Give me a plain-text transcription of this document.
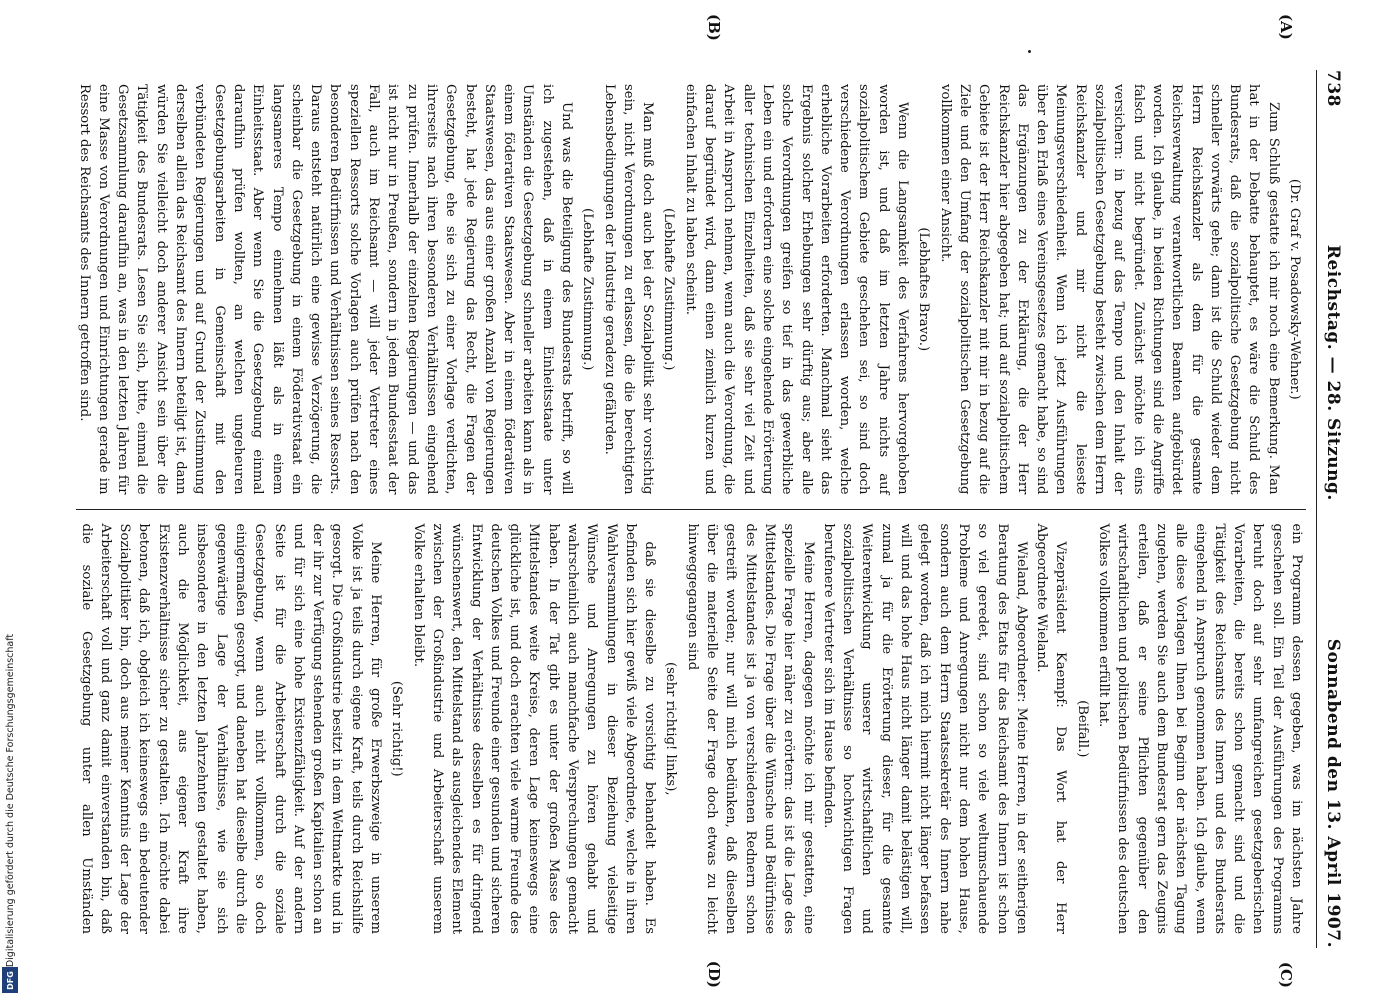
738
Reichstag. — 28. Sitzung.
Sonnabend den 13. April 1907.

(Dr. Graf v. Posadowsky-Wehner.)

Zum Schluß gestatte ich mir noch eine Bemerkung. Man hat in der Debatte behauptet, es wäre die Schuld des Bundesrats, daß die sozialpolitische Gesetzgebung nicht schneller vorwärts gehe; dann ist die Schuld wieder dem Herrn Reichskanzler als dem für die gesamte Reichsverwaltung verantwortlichen Beamten aufgebürdet worden. Ich glaube, in beiden Richtungen sind die Angriffe falsch und nicht begründet. Zunächst möchte ich eins versichern: in bezug auf das Tempo und den Inhalt der sozialpolitischen Gesetzgebung besteht zwischen dem Herrn Reichskanzler und mir nicht die leiseste Meinungsverschiedenheit. Wenn ich jetzt Ausführungen über den Erlaß eines Vereinsgesetzes gemacht habe, so sind das Ergänzungen zu der Erklärung, die der Herr Reichskanzler hier abgegeben hat; und auf sozialpolitischem Gebiete ist der Herr Reichskanzler mit mir in bezug auf die Ziele und den Umfang der sozialpolitischen Gesetzgebung vollkommen einer Ansicht.

(Lebhaftes Bravo.)

Wenn die Langsamkeit des Verfahrens hervorgehoben worden ist, und daß im letzten Jahre nichts auf sozialpolitischem Gebiete geschehen sei, so sind doch verschiedene Verordnungen erlassen worden, welche erhebliche Vorarbeiten erforderten. Manchmal sieht das Ergebnis solcher Erhebungen sehr dürftig aus; aber alle solche Verordnungen greifen so tief in das gewerbliche Leben ein und erfordern eine solche eingehende Erörterung aller technischen Einzelheiten, daß sie sehr viel Zeit und Arbeit in Anspruch nehmen, wenn auch die Verordnung, die darauf begründet wird, dann einen ziemlich kurzen und einfachen Inhalt zu haben scheint.

(Lebhafte Zustimmung.)

Man muß doch auch bei der Sozialpolitik sehr vorsichtig sein, nicht Verordnungen zu erlassen, die die berechtigten Lebensbedingungen der Industrie geradezu gefährden.

(Lebhafte Zustimmung.)

Und was die Beteiligung des Bundesrats betrifft, so will ich zugestehen, daß in einem Einheitsstaate unter Umständen die Gesetzgebung schneller arbeiten kann als in einem föderativen Staatswesen. Aber in einem föderativen Staatswesen, das aus einer großen Anzahl von Regierungen besteht, hat jede Regierung das Recht, die Fragen der Gesetzgebung, ehe sie sich zu einer Vorlage verdichten, ihrerseits nach ihren besonderen Verhältnissen eingehend zu prüfen. Innerhalb der einzelnen Regierungen — und das ist nicht nur in Preußen, sondern in jedem Bundesstaat der Fall, auch im Reichsamt — will jeder Vertreter eines speziellen Ressorts solche Vorlagen auch prüfen nach den besonderen Bedürfnissen und Verhältnissen seines Ressorts. Daraus entsteht natürlich eine gewisse Verzögerung, die scheinbar die Gesetzgebung in einem Föderativstaat ein langsameres Tempo einnehmen läßt als in einem Einheitsstaat. Aber wenn Sie die Gesetzgebung einmal daraufhin prüfen wollten, an welchen ungeheuren Gesetzgebungsarbeiten in Gemeinschaft mit den verbündeten Regierungen und auf Grund der Zustimmung derselben allein das Reichsamt des Innern beteiligt ist, dann würden Sie vielleicht doch anderer Ansicht sein über die Tätigkeit des Bundesrats. Lesen Sie sich, bitte, einmal die Gesetzsammlung daraufhin an, was in den letzten Jahren für eine Masse von Verordnungen und Einrichtungen gerade im Ressort des Reichsamts des Innern getroffen sind.

ein Programm dessen gegeben, was im nächsten Jahre geschehen soll. Ein Teil der Ausführungen des Programms beruht doch auf sehr umfangreichen gesetzgeberischen Vorarbeiten, die bereits schon gemacht sind und die Tätigkeit des Reichsamts des Innern und des Bundesrats eingehend in Anspruch genommen haben. Ich glaube, wenn alle diese Vorlagen Ihnen bei Beginn der nächsten Tagung zugehen, werden Sie auch dem Bundesrat gern das Zeugnis erteilen, daß er seine Pflichten gegenüber den wirtschaftlichen und politischen Bedürfnissen des deutschen Volkes vollkommen erfüllt hat.

(Beifall.)

Vizepräsident Kaempf: Das Wort hat der Herr Abgeordnete Wieland.

Wieland, Abgeordneter: Meine Herren, in der seitherigen Beratung des Etats für das Reichsamt des Innern ist schon so viel geredet, sind schon so viele weltumschauende Probleme und Anregungen nicht nur dem hohen Hause, sondern auch dem Herrn Staatssekretär des Innern nahe gelegt worden, daß ich mich hiermit nicht länger befassen will und das hohe Haus nicht länger damit belästigen will, zumal ja für die Erörterung dieser, für die gesamte Weiterentwicklung unserer wirtschaftlichen und sozialpolitischen Verhältnisse so hochwichtigen Fragen berufenere Vertreter sich im Hause befinden.

Meine Herren, dagegen möchte ich mir gestatten, eine spezielle Frage hier näher zu erörtern: das ist die Lage des Mittelstandes. Die Frage über die Wünsche und Bedürfnisse des Mittelstandes ist ja von verschiedenen Rednern schon gestreift worden; nur will mich bedünken, daß dieselben über die materielle Seite der Frage doch etwas zu leicht hinweggegangen sind

(sehr richtig! links),

daß sie dieselbe zu vorsichtig behandelt haben. Es befinden sich hier gewiß viele Abgeordnete, welche in ihren Wahlversammlungen in dieser Beziehung vielseitige Wünsche und Anregungen zu hören gehabt und wahrscheinlich auch manchfache Versprechungen gemacht haben. In der Tat gibt es unter der großen Masse des Mittelstandes weite Kreise, deren Lage keineswegs eine glückliche ist, und doch erachten viele warme Freunde des deutschen Volkes und Freunde einer gesunden und sicheren Entwicklung der Verhältnisse desselben es für dringend wünschenswert, den Mittelstand als ausgleichendes Element zwischen der Großindustrie und Arbeiterschaft unserem Volke erhalten bleibt.

(Sehr richtig!)

Meine Herren, für große Erwerbszweige in unserem Volke ist ja teils durch eigene Kraft, teils durch Reichshilfe gesorgt. Die Großindustrie besitzt in dem Weltmarkte und in der ihr zur Verfügung stehenden großen Kapitalien schon an und für sich eine hohe Existenzfähigkeit. Auf der andern Seite ist für die Arbeiterschaft durch die soziale Gesetzgebung, wenn auch nicht vollkommen, so doch einigermaßen gesorgt, und daneben hat dieselbe durch die gegenwärtige Lage der Verhältnisse, wie sie sich insbesondere in den letzten Jahrzehnten gestaltet haben, auch die Möglichkeit, aus eigener Kraft ihre Existenzverhältnisse sicher zu gestalten. Ich möchte dabei betonen, daß ich, obgleich ich keineswegs ein bedeutender Sozialpolitiker bin, doch aus meiner Kenntnis der Lage der Arbeiterschaft voll und ganz damit einverstanden bin, daß die soziale Gesetzgebung unter allen Umständen

(A)
(B)
(C)
(D)
Digitalisierung gefördert durch die Deutsche Forschungsgemeinschaft
DFG
